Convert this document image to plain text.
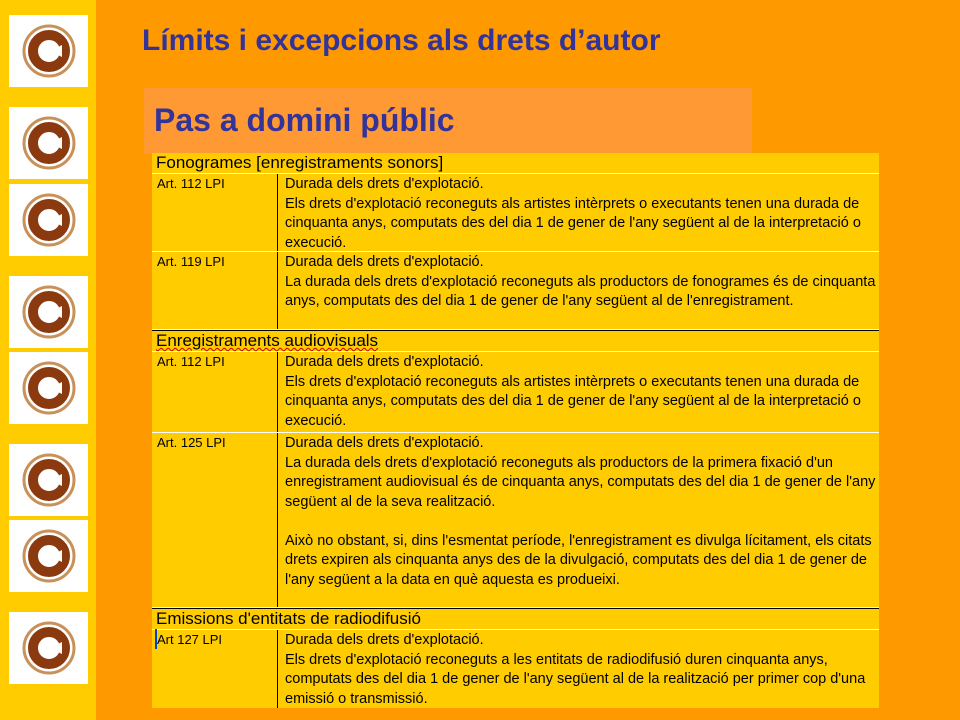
Límits i excepcions als drets d’autor
Pas a domini públic
Fonogrames [enregistraments sonors]
Art. 112 LPI	Durada dels drets d'explotació.
Els drets d'explotació reconeguts als artistes intèrprets o executants tenen una durada de cinquanta anys, computats des del dia 1 de gener de l'any següent al de la interpretació o execució.
Art. 119 LPI	Durada dels drets d'explotació.
La durada dels drets d'explotació reconeguts als productors de fonogrames és de cinquanta anys, computats des del dia 1 de gener de l'any següent al de l'enregistrament.
Enregistraments audiovisuals
Art. 112 LPI	Durada dels drets d'explotació.
Els drets d'explotació reconeguts als artistes intèrprets o executants tenen una durada de cinquanta anys, computats des del dia 1 de gener de l'any següent al de la interpretació o execució.
Art. 125 LPI	Durada dels drets d'explotació.
La durada dels drets d'explotació reconeguts als productors de la primera fixació d'un enregistrament audiovisual és de cinquanta anys, computats des del dia 1 de gener de l'any següent al de la seva realització.

Això no obstant, si, dins l'esmentat període, l'enregistrament es divulga lícitament, els citats drets expiren als cinquanta anys des de la divulgació, computats des del dia 1 de gener de l'any següent a la data en què aquesta es produeixi.
Emissions d'entitats de radiodifusió
Art 127 LPI	Durada dels drets d'explotació.
Els drets d'explotació reconeguts a les entitats de radiodifusió duren cinquanta anys, computats des del dia 1 de gener de l'any següent al de la realització per primer cop d'una emissió o transmissió.
